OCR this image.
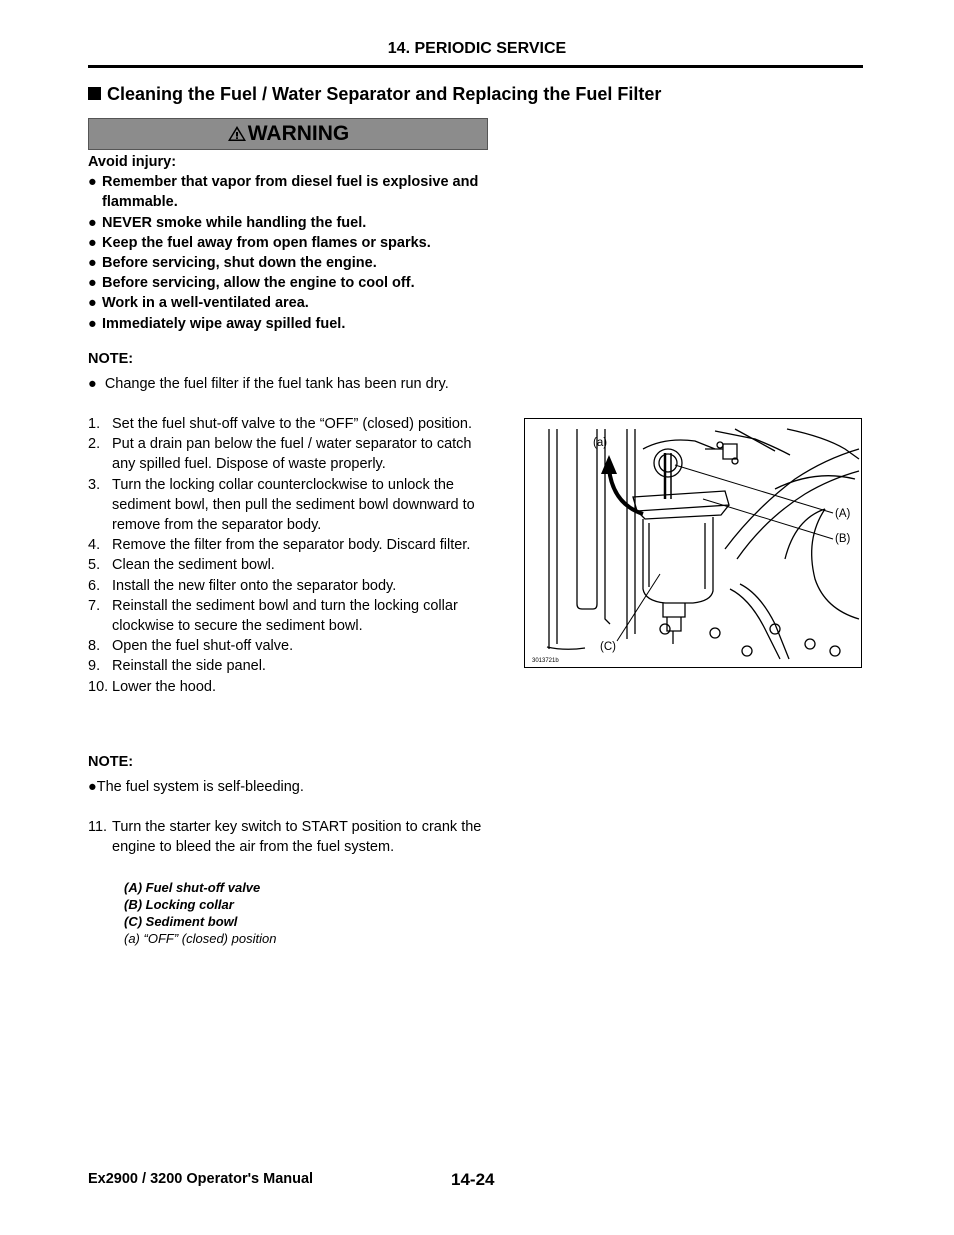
14. PERIODIC SERVICE
Cleaning the Fuel / Water Separator and Replacing the Fuel Filter
WARNING
Avoid injury:
● Remember that vapor from diesel fuel is explosive and flammable.
● NEVER smoke while handling the fuel.
● Keep the fuel away from open flames or sparks.
● Before servicing, shut down the engine.
● Before servicing, allow the engine to cool off.
● Work in a well-ventilated area.
● Immediately wipe away spilled fuel.
NOTE:
● Change the fuel filter if the fuel tank has been run dry.
1. Set the fuel shut-off valve to the “OFF” (closed) position.
2. Put a drain pan below the fuel / water separator to catch any spilled fuel. Dispose of waste properly.
3. Turn the locking collar counterclockwise to unlock the sediment bowl, then pull the sediment bowl downward to remove from the separator body.
4. Remove the filter from the separator body. Discard filter.
5. Clean the sediment bowl.
6. Install the new filter onto the separator body.
7. Reinstall the sediment bowl and turn the locking collar clockwise to secure the sediment bowl.
8. Open the fuel shut-off valve.
9. Reinstall the side panel.
10. Lower the hood.
NOTE:
●The fuel system is self-bleeding.
11. Turn the starter key switch to START position to crank the engine to bleed the air from the fuel system.
(A) Fuel shut-off valve
(B) Locking collar
(C) Sediment bowl
(a) “OFF” (closed) position
(a)
(A)
(B)
(C)
3013721b
Ex2900 / 3200 Operator's Manual	14-24
